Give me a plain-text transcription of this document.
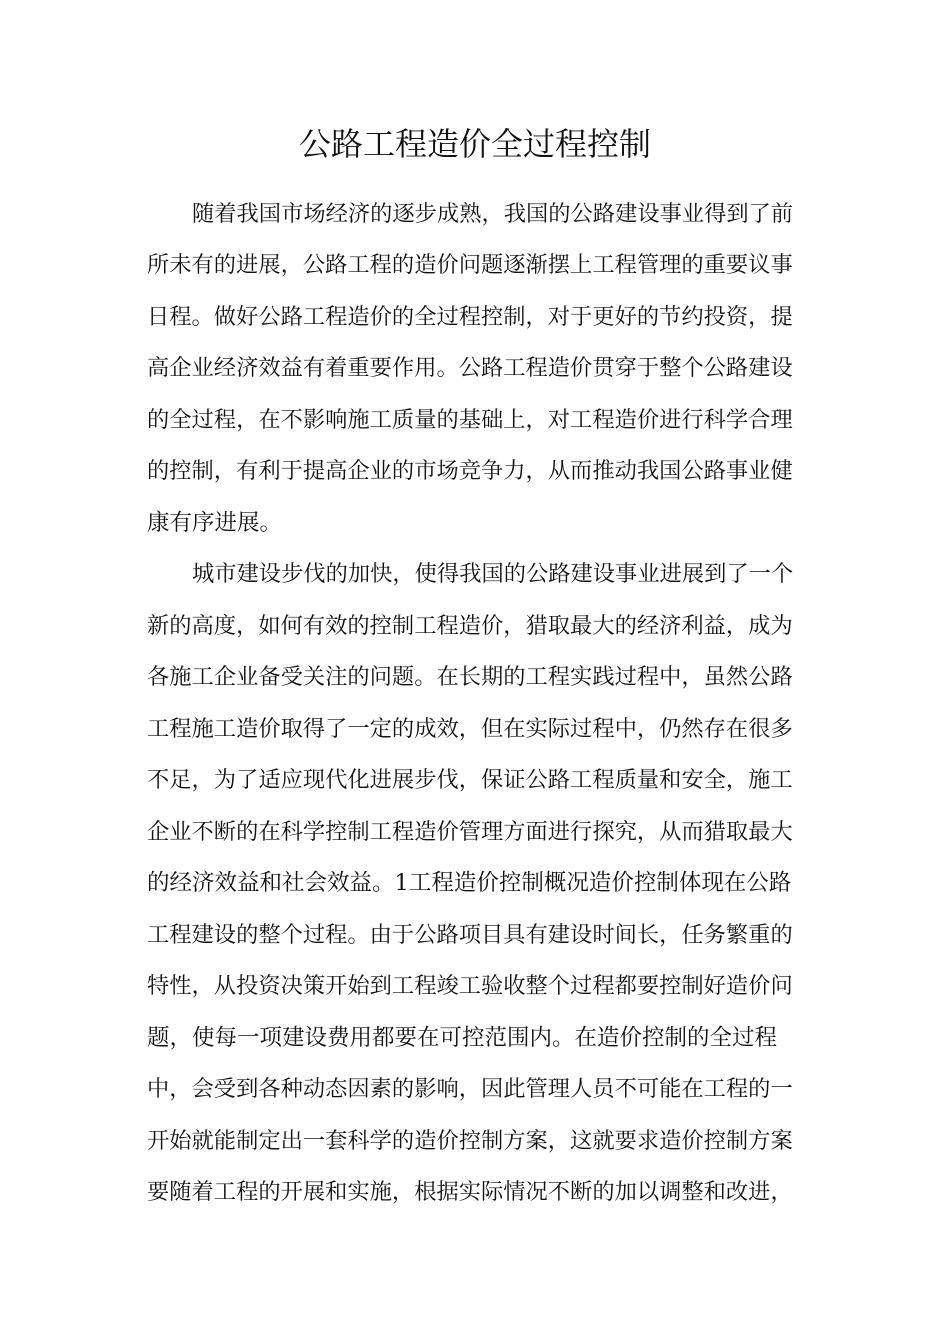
公路工程造价全过程控制
随着我国市场经济的逐步成熟，我国的公路建设事业得到了前
所未有的进展，公路工程的造价问题逐渐摆上工程管理的重要议事
日程。做好公路工程造价的全过程控制，对于更好的节约投资，提
高企业经济效益有着重要作用。公路工程造价贯穿于整个公路建设
的全过程，在不影响施工质量的基础上，对工程造价进行科学合理
的控制，有利于提高企业的市场竞争力，从而推动我国公路事业健
康有序进展。
城市建设步伐的加快，使得我国的公路建设事业进展到了一个
新的高度，如何有效的控制工程造价，猎取最大的经济利益，成为
各施工企业备受关注的问题。在长期的工程实践过程中，虽然公路
工程施工造价取得了一定的成效，但在实际过程中，仍然存在很多
不足，为了适应现代化进展步伐，保证公路工程质量和安全，施工
企业不断的在科学控制工程造价管理方面进行探究，从而猎取最大
的经济效益和社会效益。1工程造价控制概况造价控制体现在公路
工程建设的整个过程。由于公路项目具有建设时间长，任务繁重的
特性，从投资决策开始到工程竣工验收整个过程都要控制好造价问
题，使每一项建设费用都要在可控范围内。在造价控制的全过程
中，会受到各种动态因素的影响，因此管理人员不可能在工程的一
开始就能制定出一套科学的造价控制方案，这就要求造价控制方案
要随着工程的开展和实施，根据实际情况不断的加以调整和改进，
